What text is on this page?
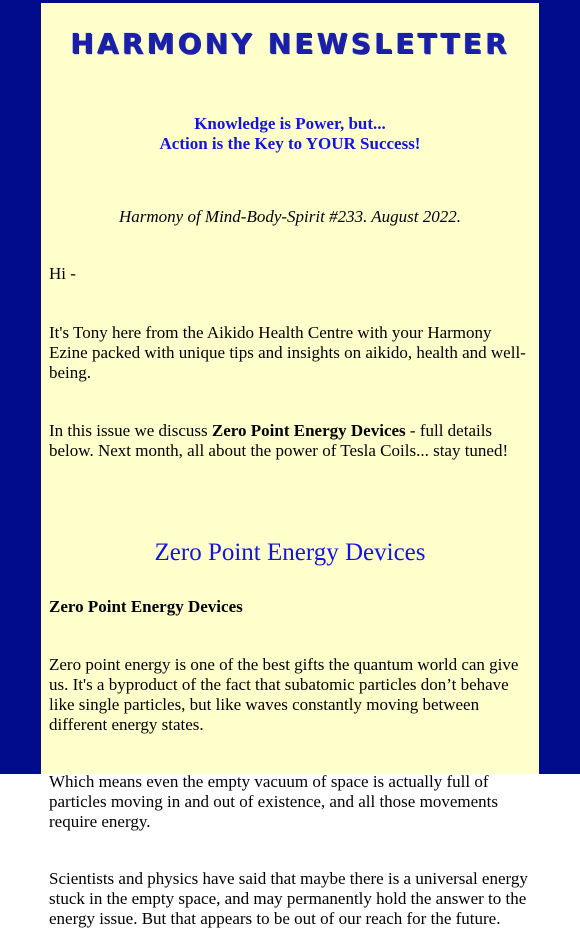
HARMONY NEWSLETTER
Knowledge is Power, but...
Action is the Key to YOUR Success!
Harmony of Mind-Body-Spirit #233. August 2022.

Hi -

It's Tony here from the Aikido Health Centre with your Harmony Ezine packed with unique tips and insights on aikido, health and well-being.

In this issue we discuss Zero Point Energy Devices - full details below. Next month, all about the power of Tesla Coils... stay tuned!

Zero Point Energy Devices

Zero Point Energy Devices

Zero point energy is one of the best gifts the quantum world can give us. It's a byproduct of the fact that subatomic particles don’t behave like single particles, but like waves constantly moving between different energy states.

Which means even the empty vacuum of space is actually full of particles moving in and out of existence, and all those movements require energy.

Scientists and physics have said that maybe there is a universal energy stuck in the empty space, and may permanently hold the answer to the energy issue. But that appears to be out of our reach for the future.
